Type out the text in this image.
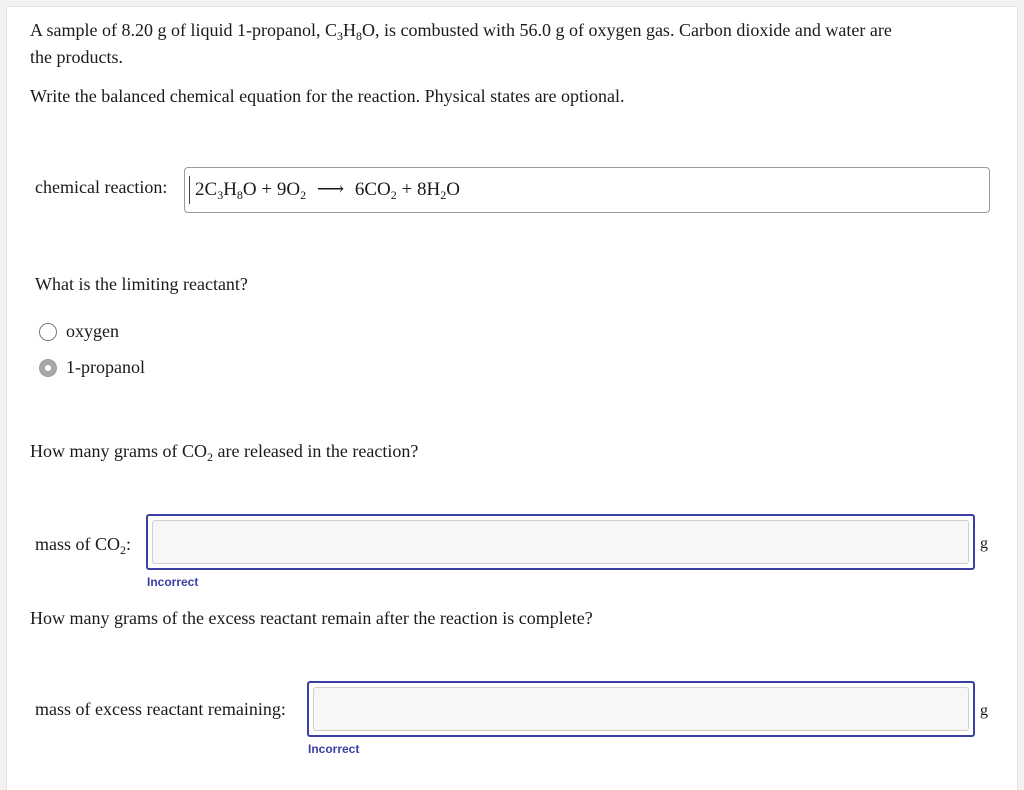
A sample of 8.20 g of liquid 1-propanol, $C_3H_8O$, is combusted with 56.0 g of oxygen gas. Carbon dioxide and water are
the products.
Write the balanced chemical equation for the reaction. Physical states are optional.
chemical reaction: $2C_3H_8O + 9O_2$ ⟶ $6CO_2 + 8H_2O$
What is the limiting reactant?
oxygen
1-propanol
How many grams of $CO_2$ are released in the reaction?
mass of $CO_2$:	g
Incorrect
How many grams of the excess reactant remain after the reaction is complete?
mass of excess reactant remaining:	g
Incorrect
